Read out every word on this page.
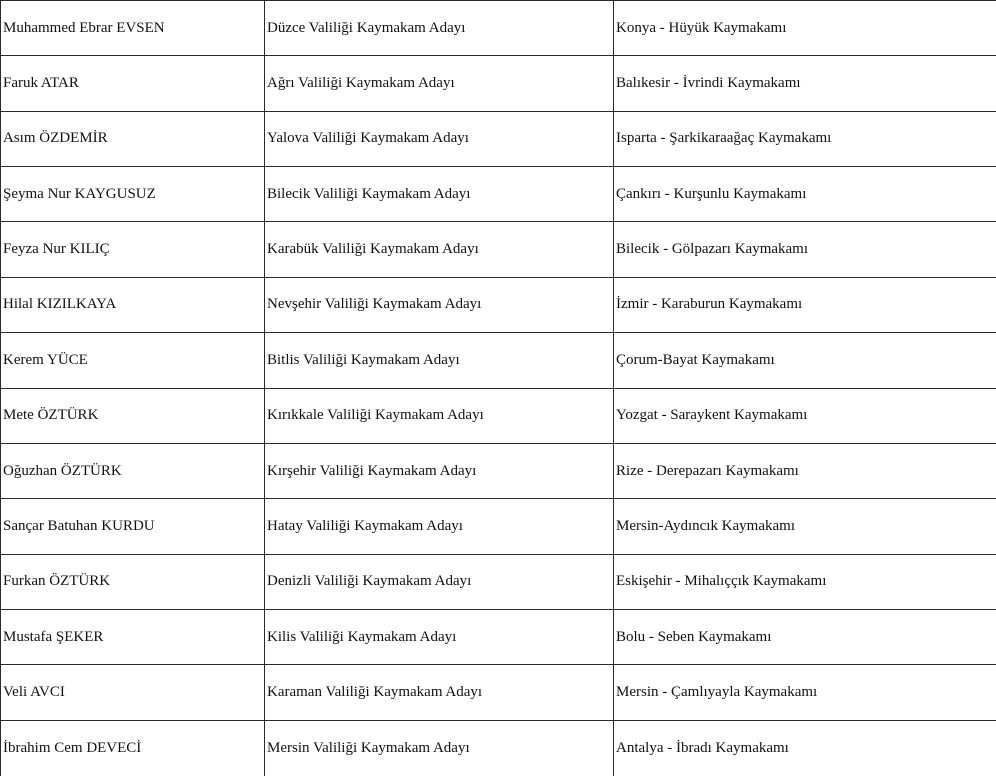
Muhammed Ebrar EVSEN	Düzce Valiliği Kaymakam Adayı	Konya - Hüyük Kaymakamı
Faruk ATAR	Ağrı Valiliği Kaymakam Adayı	Balıkesir - İvrindi Kaymakamı
Asım ÖZDEMİR	Yalova Valiliği Kaymakam Adayı	Isparta - Şarkikaraağaç Kaymakamı
Şeyma Nur KAYGUSUZ	Bilecik Valiliği Kaymakam Adayı	Çankırı - Kurşunlu Kaymakamı
Feyza Nur KILIÇ	Karabük Valiliği Kaymakam Adayı	Bilecik - Gölpazarı Kaymakamı
Hilal KIZILKAYA	Nevşehir Valiliği Kaymakam Adayı	İzmir - Karaburun Kaymakamı
Kerem YÜCE	Bitlis Valiliği Kaymakam Adayı	Çorum-Bayat Kaymakamı
Mete ÖZTÜRK	Kırıkkale Valiliği Kaymakam Adayı	Yozgat - Saraykent Kaymakamı
Oğuzhan ÖZTÜRK	Kırşehir Valiliği Kaymakam Adayı	Rize - Derepazarı Kaymakamı
Sançar Batuhan KURDU	Hatay Valiliği Kaymakam Adayı	Mersin-Aydıncık Kaymakamı
Furkan ÖZTÜRK	Denizli Valiliği Kaymakam Adayı	Eskişehir - Mihalıççık Kaymakamı
Mustafa ŞEKER	Kilis Valiliği Kaymakam Adayı	Bolu - Seben Kaymakamı
Veli AVCI	Karaman Valiliği Kaymakam Adayı	Mersin - Çamlıyayla Kaymakamı
İbrahim Cem DEVECİ	Mersin Valiliği Kaymakam Adayı	Antalya - İbradı Kaymakamı
